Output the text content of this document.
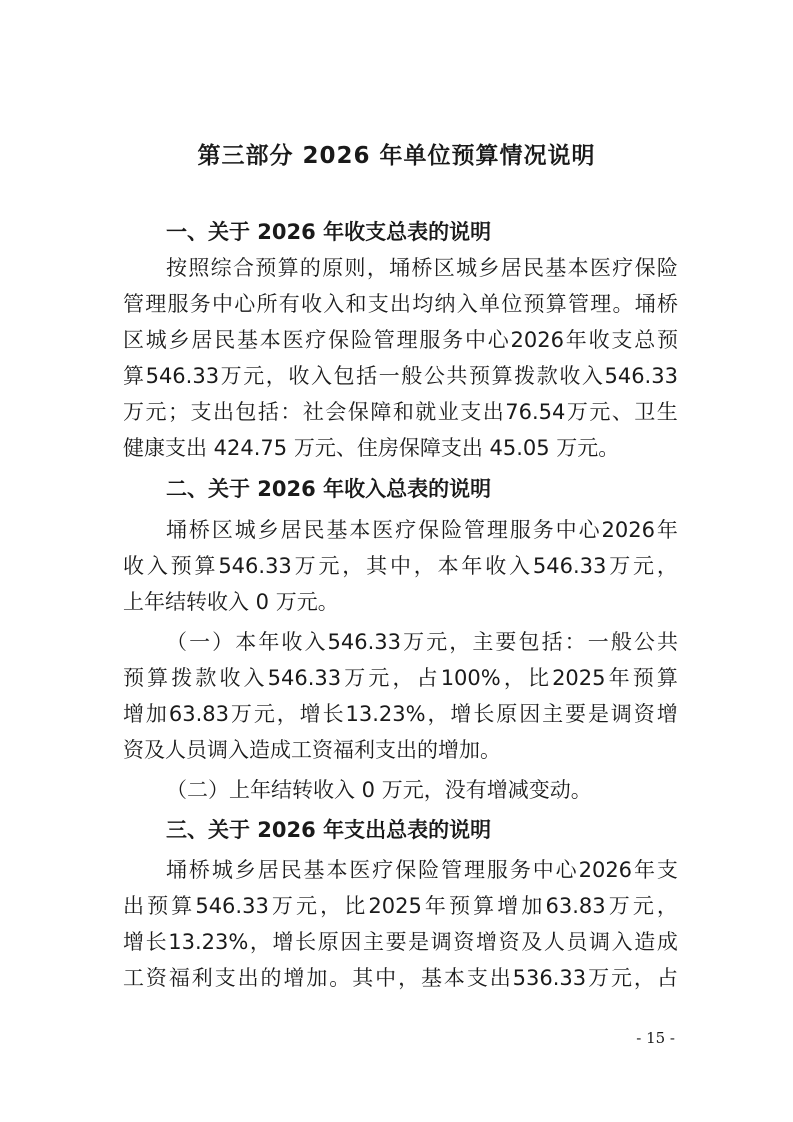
第三部分 2026 年单位预算情况说明

一、关于 2026 年收支总表的说明

按 照 综 合 预 算 的 原 则 ， 埇 桥 区 城 乡 居 民 基 本 医 疗 保 险

管 理 服 务 中 心 所 有 收 入 和 支 出 均 纳 入 单 位 预 算 管 理 。 埇 桥

区 城 乡 居 民 基 本 医 疗 保 险 管 理 服 务 中 心 2026 年 收 支 总 预

算 546.33 万 元 ， 收 入 包 括 一 般 公 共 预 算 拨 款 收 入 546.33

万 元 ； 支 出 包 括 ： 社 会 保 障 和 就 业 支 出 76.54 万 元 、 卫 生

健康支出 424.75 万元、住房保障支出 45.05 万元。

二、关于 2026 年收入总表的说明

埇 桥 区 城 乡 居 民 基 本 医 疗 保 险 管 理 服 务 中 心 2026 年

收 入 预 算 546.33 万 元 ， 其 中 ， 本 年 收 入 546.33 万 元 ，

上年结转收入 0 万元。

（ 一 ） 本 年 收 入 546.33 万 元 ， 主 要 包 括 ： 一 般 公 共

预 算 拨 款 收 入 546.33 万 元 ， 占 100% ， 比 2025 年 预 算

增 加 63.83 万 元 ， 增 长 13.23% ， 增 长 原 因 主 要 是 调 资 增

资及人员调入造成工资福利支出的增加。

（二）上年结转收入 0 万元，没有增减变动。

三、关于 2026 年支出总表的说明

埇 桥 城 乡 居 民 基 本 医 疗 保 险 管 理 服 务 中 心 2026 年 支

出 预 算 546.33 万 元 ， 比 2025 年 预 算 增 加 63.83 万 元 ，

增 长 13.23% ， 增 长 原 因 主 要 是 调 资 增 资 及 人 员 调 入 造 成

工 资 福 利 支 出 的 增 加 。 其 中 ， 基 本 支 出 536.33 万 元 ， 占

- 15 -
